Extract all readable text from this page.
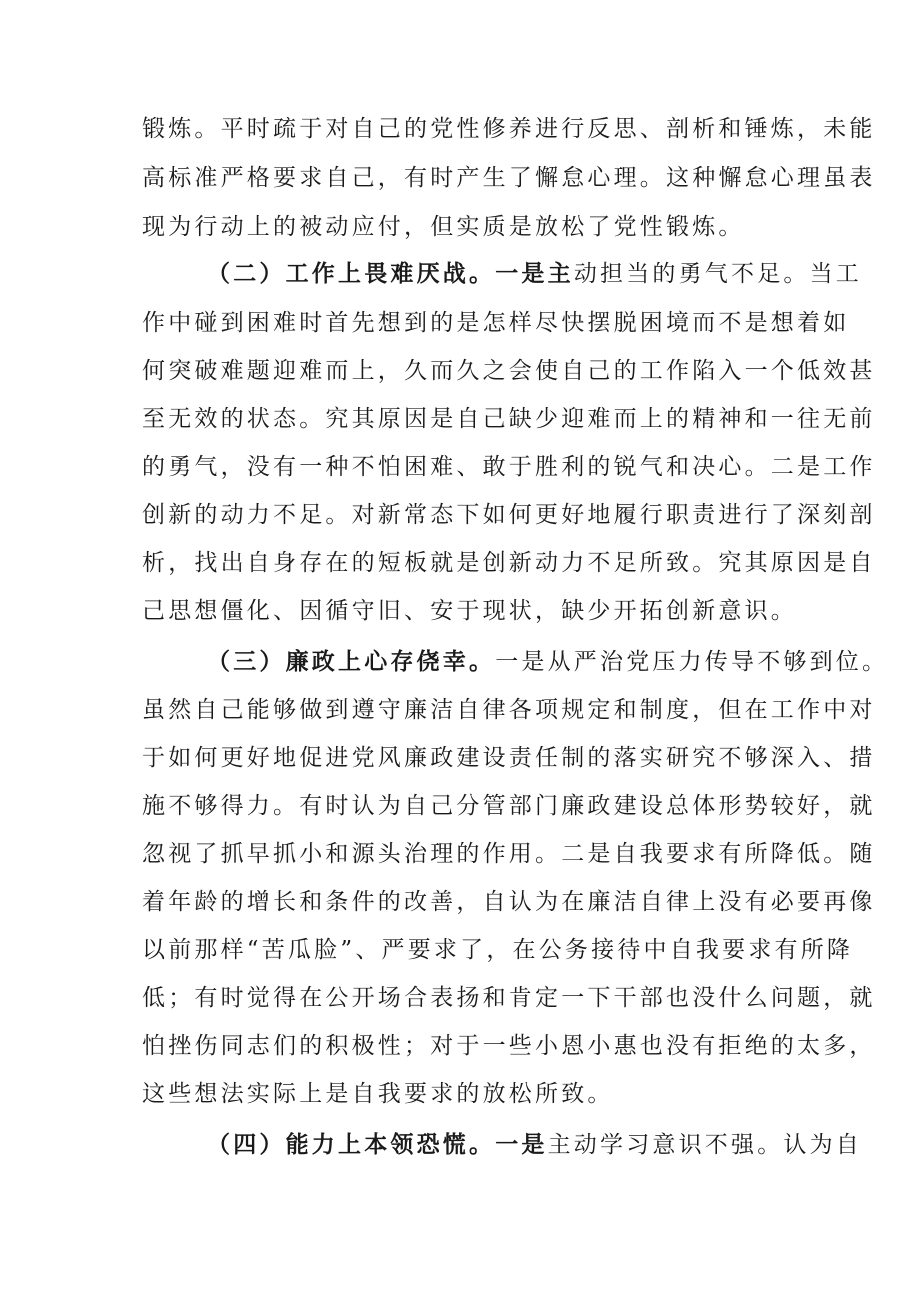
锻炼。平时疏于对自己的党性修养进行反思、剖析和锤炼，未能
高标准严格要求自己，有时产生了懈怠心理。这种懈怠心理虽表
现为行动上的被动应付，但实质是放松了党性锻炼。
（二）工作上畏难厌战。一是主动担当的勇气不足。当工
作中碰到困难时首先想到的是怎样尽快摆脱困境而不是想着如
何突破难题迎难而上，久而久之会使自己的工作陷入一个低效甚
至无效的状态。究其原因是自己缺少迎难而上的精神和一往无前
的勇气，没有一种不怕困难、敢于胜利的锐气和决心。二是工作
创新的动力不足。对新常态下如何更好地履行职责进行了深刻剖
析，找出自身存在的短板就是创新动力不足所致。究其原因是自
己思想僵化、因循守旧、安于现状，缺少开拓创新意识。
（三）廉政上心存侥幸。一是从严治党压力传导不够到位。
虽然自己能够做到遵守廉洁自律各项规定和制度，但在工作中对
于如何更好地促进党风廉政建设责任制的落实研究不够深入、措
施不够得力。有时认为自己分管部门廉政建设总体形势较好，就
忽视了抓早抓小和源头治理的作用。二是自我要求有所降低。随
着年龄的增长和条件的改善，自认为在廉洁自律上没有必要再像
以前那样“苦瓜脸”、严要求了，在公务接待中自我要求有所降
低；有时觉得在公开场合表扬和肯定一下干部也没什么问题，就
怕挫伤同志们的积极性；对于一些小恩小惠也没有拒绝的太多，
这些想法实际上是自我要求的放松所致。
（四）能力上本领恐慌。一是主动学习意识不强。认为自
